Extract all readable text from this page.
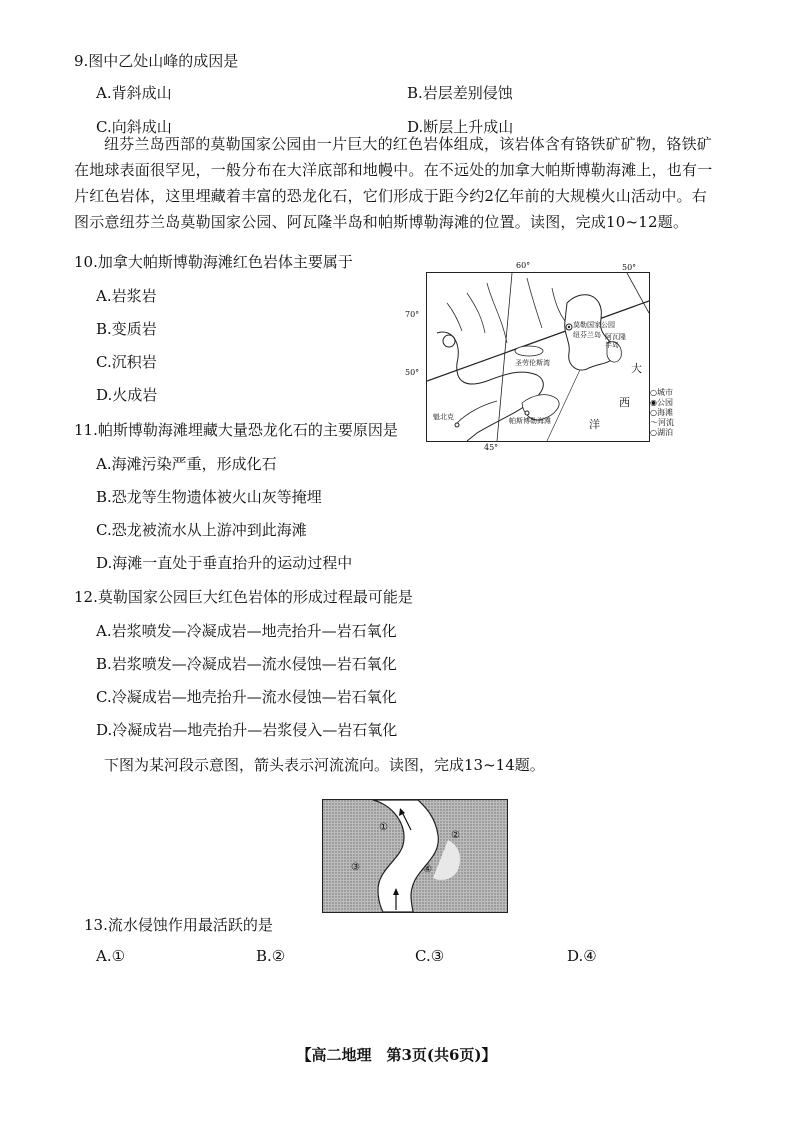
9.图中乙处山峰的成因是
A.背斜成山	B.岩层差别侵蚀
C.向斜成山	D.断层上升成山
纽芬兰岛西部的莫勒国家公园由一片巨大的红色岩体组成，该岩体含有铬铁矿矿物，铬铁矿在地球表面很罕见，一般分布在大洋底部和地幔中。在不远处的加拿大帕斯博勒海滩上，也有一片红色岩体，这里埋藏着丰富的恐龙化石，它们形成于距今约2亿年前的大规模火山活动中。右图示意纽芬兰岛莫勒国家公园、阿瓦隆半岛和帕斯博勒海滩的位置。读图，完成10~12题。
10.加拿大帕斯博勒海滩红色岩体主要属于
A.岩浆岩
B.变质岩
C.沉积岩
D.火成岩
60°	50°
70°
50°
45°
莫勒国家公园
纽芬兰岛 阿瓦隆半岛
圣劳伦斯湾
帕斯博勒海滩
魁北克
大
西
洋
○城市
◉公园
○海滩
～河流
○湖泊
11.帕斯博勒海滩埋藏大量恐龙化石的主要原因是
A.海滩污染严重，形成化石
B.恐龙等生物遗体被火山灰等掩埋
C.恐龙被流水从上游冲到此海滩
D.海滩一直处于垂直抬升的运动过程中
12.莫勒国家公园巨大红色岩体的形成过程最可能是
A.岩浆喷发—冷凝成岩—地壳抬升—岩石氧化
B.岩浆喷发—冷凝成岩—流水侵蚀—岩石氧化
C.冷凝成岩—地壳抬升—流水侵蚀—岩石氧化
D.冷凝成岩—地壳抬升—岩浆侵入—岩石氧化
下图为某河段示意图，箭头表示河流流向。读图，完成13~14题。
①
②
③	④
13.流水侵蚀作用最活跃的是
A.①	B.②	C.③	D.④
【高二地理　第3页(共6页)】
